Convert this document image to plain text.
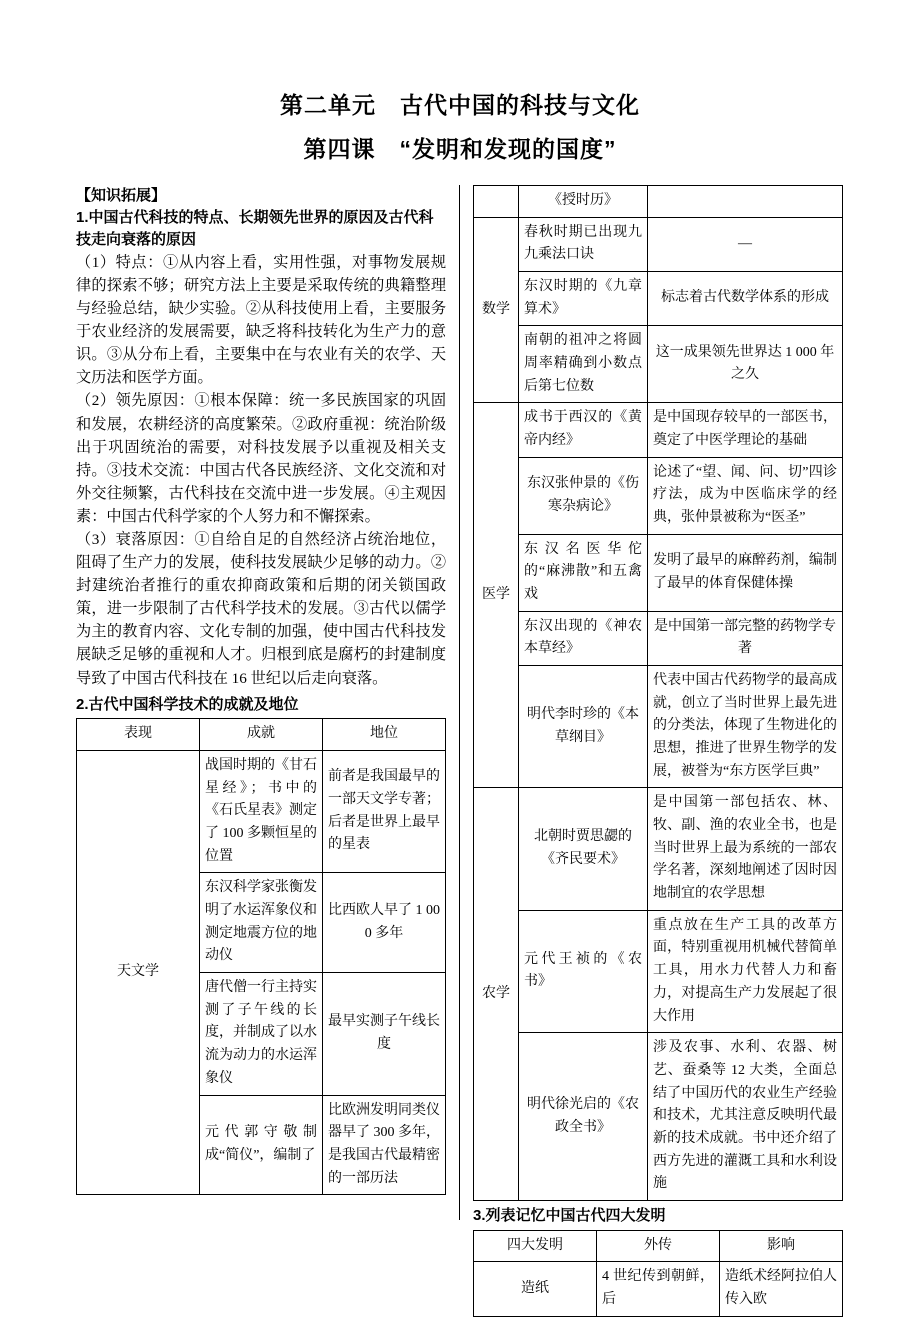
第二单元　古代中国的科技与文化
第四课　“发明和发现的国度”
【知识拓展】
1.中国古代科技的特点、长期领先世界的原因及古代科技走向衰落的原因

（1）特点：①从内容上看，实用性强，对事物发展规律的探索不够；研究方法上主要是采取传统的典籍整理与经验总结，缺少实验。②从科技使用上看，主要服务于农业经济的发展需要，缺乏将科技转化为生产力的意识。③从分布上看，主要集中在与农业有关的农学、天文历法和医学方面。

（2）领先原因：①根本保障：统一多民族国家的巩固和发展，农耕经济的高度繁荣。②政府重视：统治阶级出于巩固统治的需要，对科技发展予以重视及相关支持。③技术交流：中国古代各民族经济、文化交流和对外交往频繁，古代科技在交流中进一步发展。④主观因素：中国古代科学家的个人努力和不懈探索。

（3）衰落原因：①自给自足的自然经济占统治地位，阻碍了生产力的发展，使科技发展缺少足够的动力。②封建统治者推行的重农抑商政策和后期的闭关锁国政策，进一步限制了古代科学技术的发展。③古代以儒学为主的教育内容、文化专制的加强，使中国古代科技发展缺乏足够的重视和人才。归根到底是腐朽的封建制度导致了中国古代科技在 16 世纪以后走向衰落。

2.古代中国科学技术的成就及地位
表现	成就	地位
天文学	战国时期的《甘石星经》；书中的《石氏星表》测定了 100 多颗恒星的位置	前者是我国最早的一部天文学专著；后者是世界上最早的星表
	东汉科学家张衡发明了水运浑象仪和测定地震方位的地动仪	比西欧人早了 1 000 多年
	唐代僧一行主持实测了子午线的长度，并制成了以水流为动力的水运浑象仪	最早实测子午线长度
	元代郭守敬制成“简仪”，编制了	比欧洲发明同类仪器早了 300 多年，是我国古代最精密的一部历法
	《授时历》	
数学	春秋时期已出现九九乘法口诀	—
	东汉时期的《九章算术》	标志着古代数学体系的形成
	南朝的祖冲之将圆周率精确到小数点后第七位数	这一成果领先世界达 1 000 年之久
医学	成书于西汉的《黄帝内经》	是中国现存较早的一部医书，奠定了中医学理论的基础
	东汉张仲景的《伤寒杂病论》	论述了“望、闻、问、切”四诊疗法，成为中医临床学的经典，张仲景被称为“医圣”
	东汉名医华佗的“麻沸散”和五禽戏	发明了最早的麻醉药剂，编制了最早的体育保健体操
	东汉出现的《神农本草经》	是中国第一部完整的药物学专著
	明代李时珍的《本草纲目》	代表中国古代药物学的最高成就，创立了当时世界上最先进的分类法，体现了生物进化的思想，推进了世界生物学的发展，被誉为“东方医学巨典”
农学	北朝时贾思勰的《齐民要术》	是中国第一部包括农、林、牧、副、渔的农业全书，也是当时世界上最为系统的一部农学名著，深刻地阐述了因时因地制宜的农学思想
	元代王祯的《农书》	重点放在生产工具的改革方面，特别重视用机械代替简单工具，用水力代替人力和畜力，对提高生产力发展起了很大作用
	明代徐光启的《农政全书》	涉及农事、水利、农器、树艺、蚕桑等 12 大类，全面总结了中国历代的农业生产经验和技术，尤其注意反映明代最新的技术成就。书中还介绍了西方先进的灌溉工具和水利设施
3.列表记忆中国古代四大发明
四大发明	外传	影响
造纸	4 世纪传到朝鲜，后	造纸术经阿拉伯人传入欧
